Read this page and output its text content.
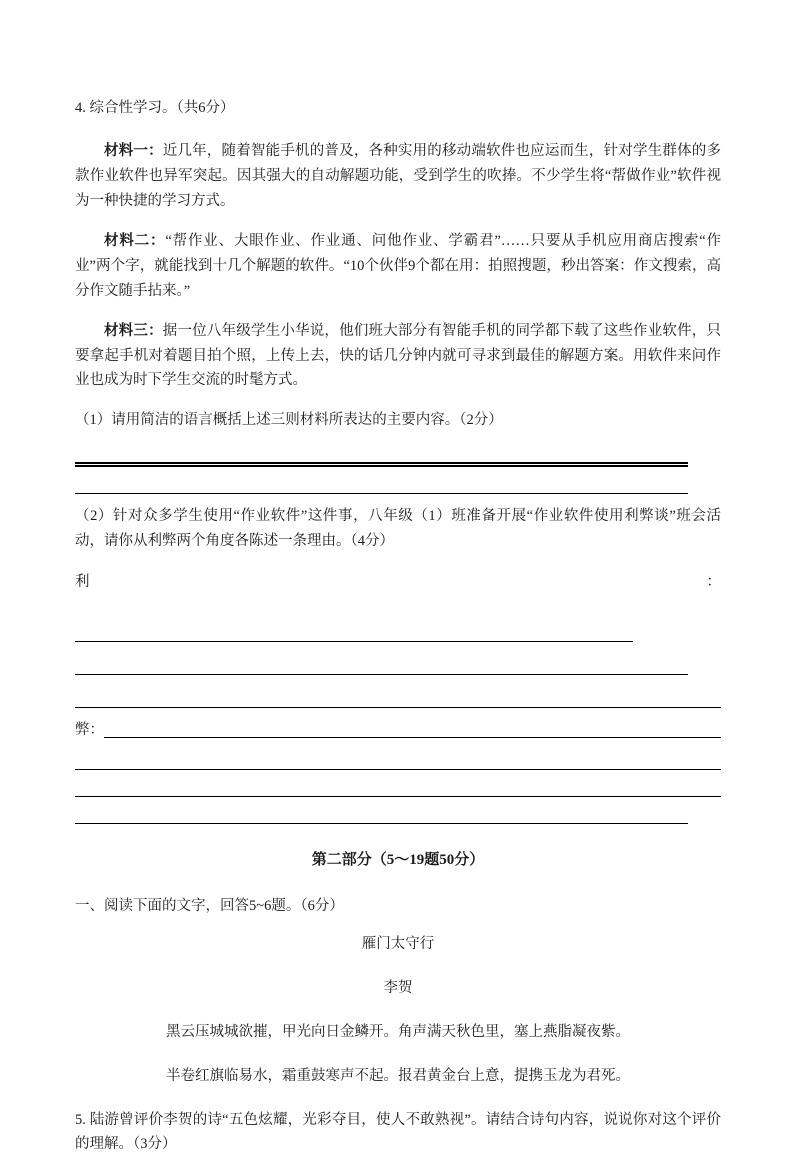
4. 综合性学习。（共6分）

材料一：近几年，随着智能手机的普及，各种实用的移动端软件也应运而生，针对学生群体的多款作业软件也异军突起。因其强大的自动解题功能，受到学生的吹捧。不少学生将“帮做作业”软件视为一种快捷的学习方式。

材料二：“帮作业、大眼作业、作业通、问他作业、学霸君”……只要从手机应用商店搜索“作业”两个字，就能找到十几个解题的软件。“10个伙伴9个都在用：拍照搜题，秒出答案：作文搜索，高分作文随手拈来。”

材料三：据一位八年级学生小华说，他们班大部分有智能手机的同学都下载了这些作业软件，只要拿起手机对着题目拍个照，上传上去，快的话几分钟内就可寻求到最佳的解题方案。用软件来问作业也成为时下学生交流的时髦方式。

（1）请用简洁的语言概括上述三则材料所表达的主要内容。（2分）

（2）针对众多学生使用“作业软件”这件事，八年级（1）班准备开展“作业软件使用利弊谈”班会活动，请你从利弊两个角度各陈述一条理由。（4分）

利	：
弊：

第二部分（5～19题50分）

一、阅读下面的文字，回答5~6题。（6分）

雁门太守行

李贺

黑云压城城欲摧，甲光向日金鳞开。角声满天秋色里，塞上燕脂凝夜紫。

半卷红旗临易水，霜重鼓寒声不起。报君黄金台上意，提携玉龙为君死。

5. 陆游曾评价李贺的诗“五色炫耀，光彩夺目，使人不敢熟视”。请结合诗句内容，说说你对这个评价的理解。（3分）
